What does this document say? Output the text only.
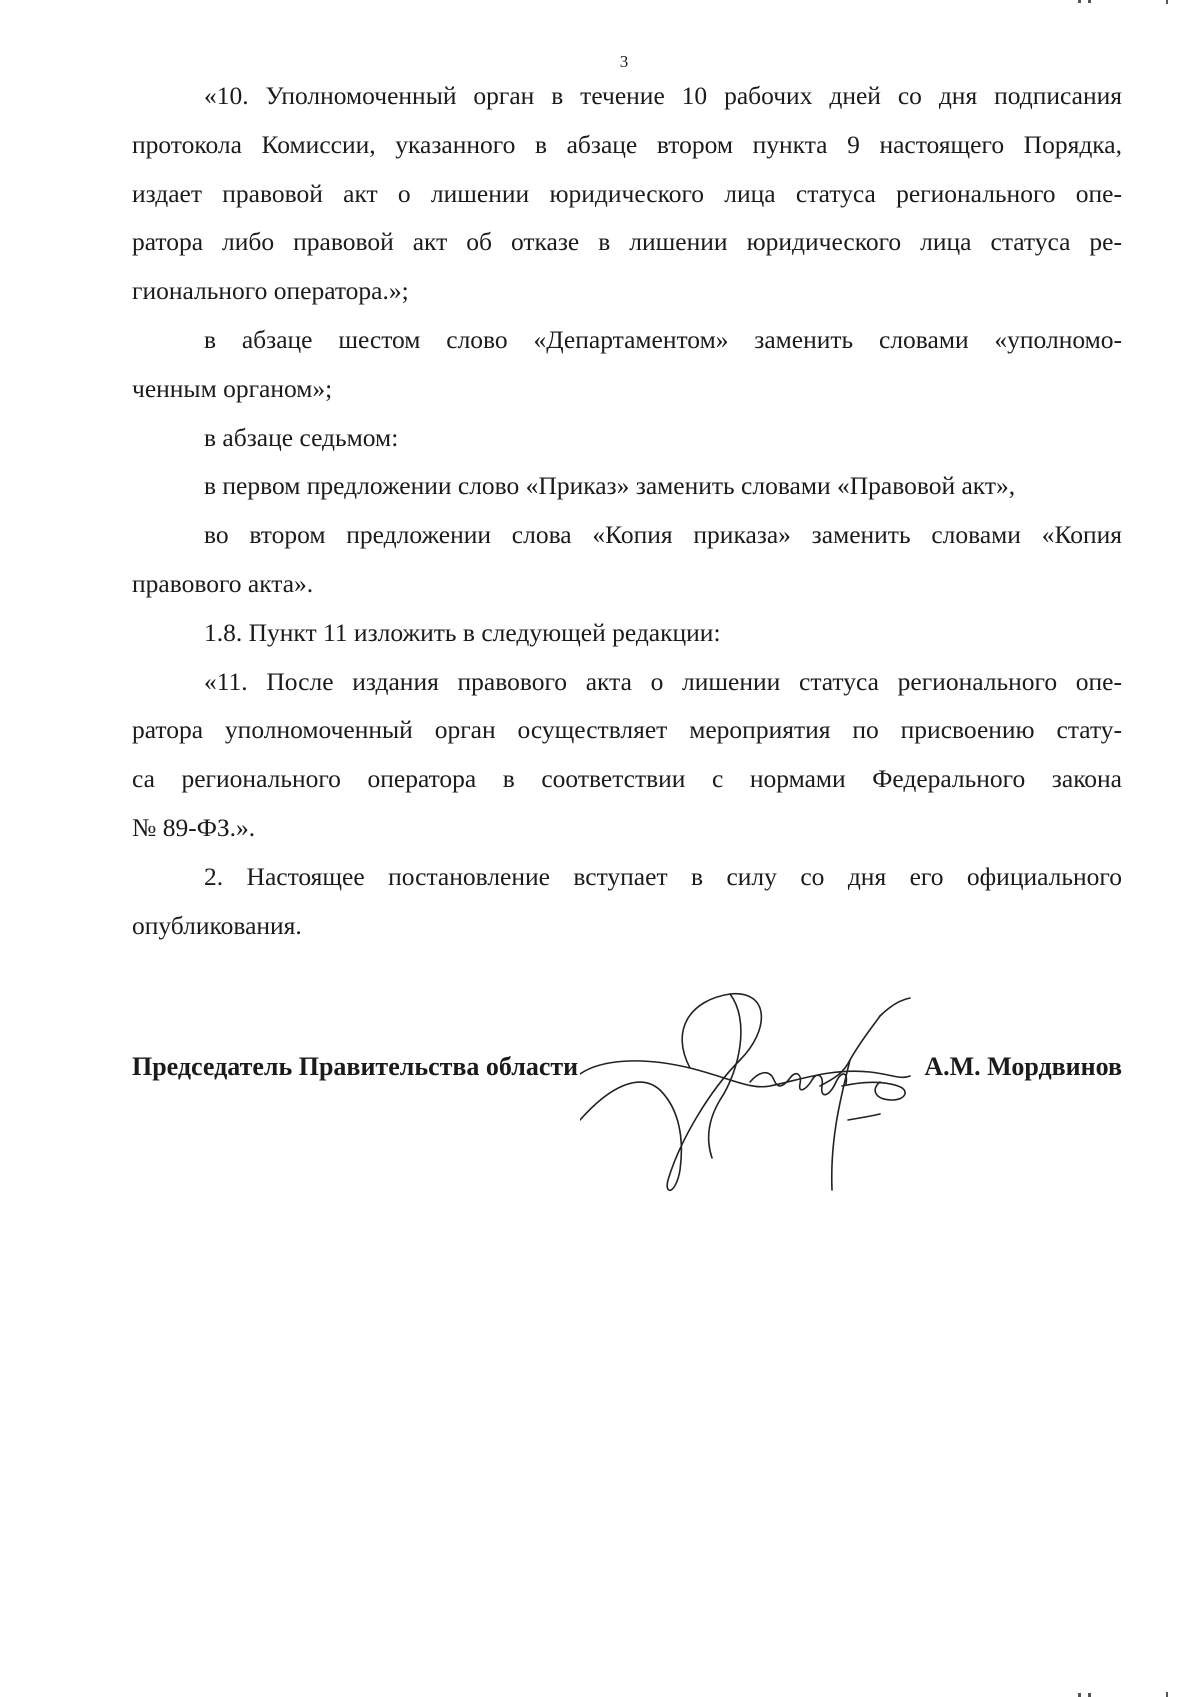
3

«10. Уполномоченный орган в течение 10 рабочих дней со дня подписания
протокола Комиссии, указанного в абзаце втором пункта 9 настоящего Порядка,
издает правовой акт о лишении юридического лица статуса регионального опе-
ратора либо правовой акт об отказе в лишении юридического лица статуса ре-
гионального оператора.»;

в абзаце шестом слово «Департаментом» заменить словами «уполномо-
ченным органом»;

в абзаце седьмом:

в первом предложении слово «Приказ» заменить словами «Правовой акт»,

во втором предложении слова «Копия приказа» заменить словами «Копия
правового акта».

1.8. Пункт 11 изложить в следующей редакции:

«11. После издания правового акта о лишении статуса регионального опе-
ратора уполномоченный орган осуществляет мероприятия по присвоению стату-
са регионального оператора в соответствии с нормами Федерального закона
№ 89-ФЗ.».

2. Настоящее постановление вступает в силу со дня его официального
опубликования.

Председатель Правительства области	А.М. Мордвинов
